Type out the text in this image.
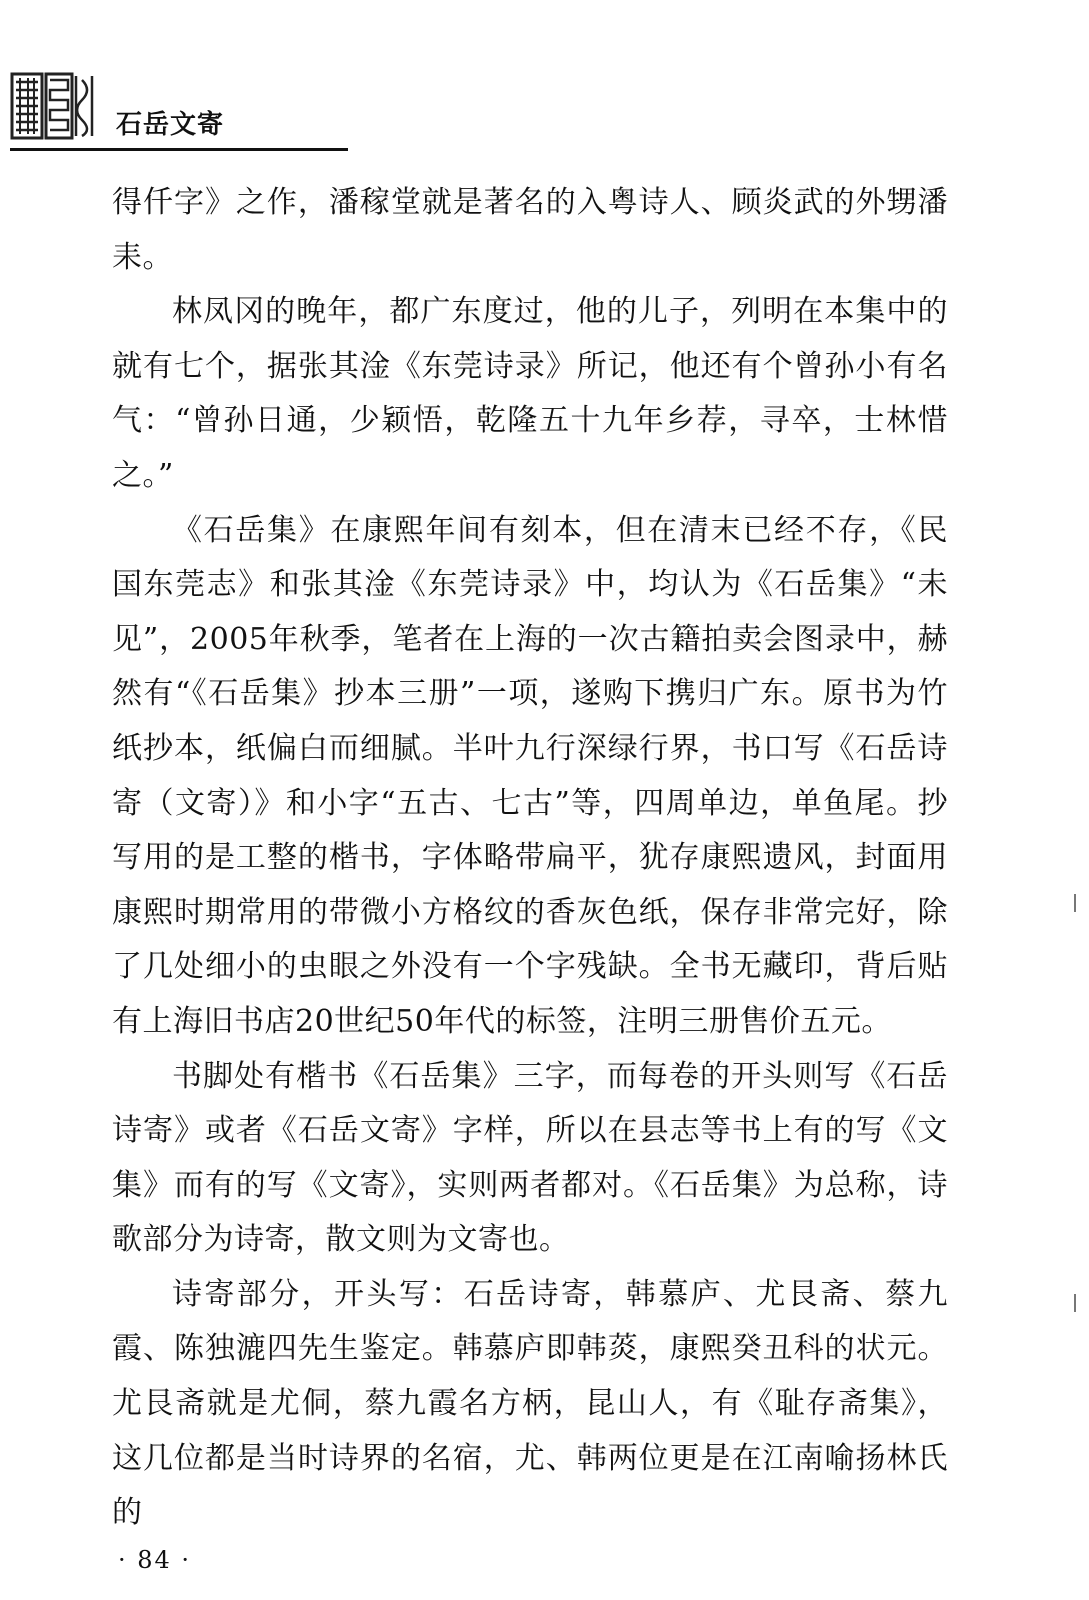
石岳文寄

得仟字》之作，潘稼堂就是著名的入粤诗人、顾炎武的外甥潘耒。

林凤冈的晚年，都广东度过，他的儿子，列明在本集中的就有七个，据张其淦《东莞诗录》所记，他还有个曾孙小有名气：“曾孙日通，少颖悟，乾隆五十九年乡荐，寻卒，士林惜之。”

《石岳集》在康熙年间有刻本，但在清末已经不存，《民国东莞志》和张其淦《东莞诗录》中，均认为《石岳集》“未见”，2005年秋季，笔者在上海的一次古籍拍卖会图录中，赫然有“《石岳集》抄本三册”一项，遂购下携归广东。原书为竹纸抄本，纸偏白而细腻。半叶九行深绿行界，书口写《石岳诗寄（文寄）》和小字“五古、七古”等，四周单边，单鱼尾。抄写用的是工整的楷书，字体略带扁平，犹存康熙遗风，封面用康熙时期常用的带微小方格纹的香灰色纸，保存非常完好，除了几处细小的虫眼之外没有一个字残缺。全书无藏印，背后贴有上海旧书店20世纪50年代的标签，注明三册售价五元。

书脚处有楷书《石岳集》三字，而每卷的开头则写《石岳诗寄》或者《石岳文寄》字样，所以在县志等书上有的写《文集》而有的写《文寄》，实则两者都对。《石岳集》为总称，诗歌部分为诗寄，散文则为文寄也。

诗寄部分，开头写：石岳诗寄，韩慕庐、尤艮斋、蔡九霞、陈独漉四先生鉴定。韩慕庐即韩菼，康熙癸丑科的状元。尤艮斋就是尤侗，蔡九霞名方柄，昆山人，有《耻存斋集》，这几位都是当时诗界的名宿，尤、韩两位更是在江南喻扬林氏的

· 84 ·
